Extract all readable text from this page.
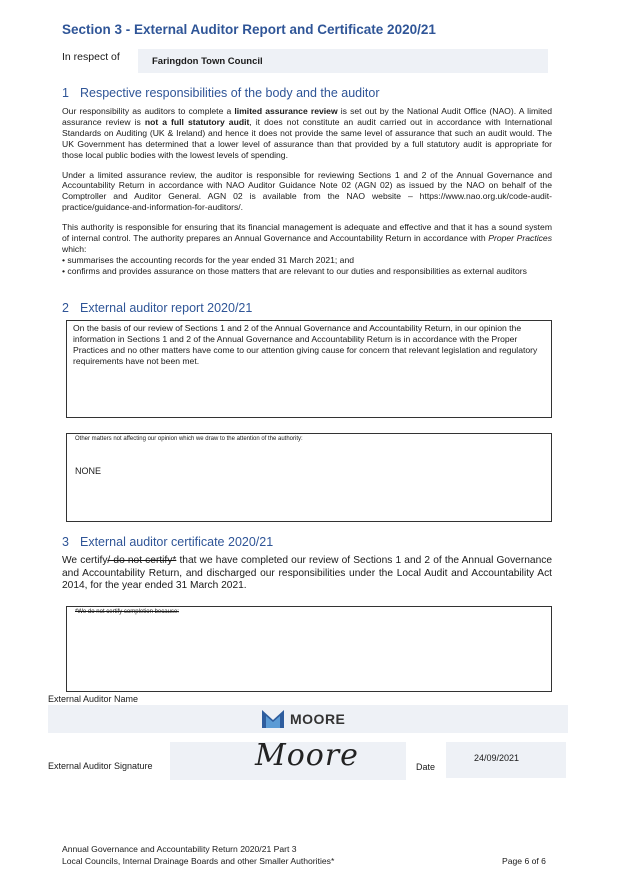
Section 3 - External Auditor Report and Certificate 2020/21
In respect of	Faringdon Town Council
1 Respective responsibilities of the body and the auditor

Our responsibility as auditors to complete a limited assurance review is set out by the National Audit Office (NAO). A limited assurance review is not a full statutory audit, it does not constitute an audit carried out in accordance with International Standards on Auditing (UK & Ireland) and hence it does not provide the same level of assurance that such an audit would. The UK Government has determined that a lower level of assurance than that provided by a full statutory audit is appropriate for those local public bodies with the lowest levels of spending.

Under a limited assurance review, the auditor is responsible for reviewing Sections 1 and 2 of the Annual Governance and Accountability Return in accordance with NAO Auditor Guidance Note 02 (AGN 02) as issued by the NAO on behalf of the Comptroller and Auditor General. AGN 02 is available from the NAO website – https://www.nao.org.uk/code-audit-practice/guidance-and-information-for-auditors/.

This authority is responsible for ensuring that its financial management is adequate and effective and that it has a sound system of internal control. The authority prepares an Annual Governance and Accountability Return in accordance with Proper Practices which:

• summarises the accounting records for the year ended 31 March 2021; and

• confirms and provides assurance on those matters that are relevant to our duties and responsibilities as external auditors

2 External auditor report 2020/21
On the basis of our review of Sections 1 and 2 of the Annual Governance and Accountability Return, in our opinion the information in Sections 1 and 2 of the Annual Governance and Accountability Return is in accordance with the Proper Practices and no other matters have come to our attention giving cause for concern that relevant legislation and regulatory requirements have not been met.
Other matters not affecting our opinion which we draw to the attention of the authority:
NONE
3 External auditor certificate 2020/21
We certify/ do not certify* that we have completed our review of Sections 1 and 2 of the Annual Governance and Accountability Return, and discharged our responsibilities under the Local Audit and Accountability Act 2014, for the year ended 31 March 2021.
*We do not certify completion because:
External Auditor Name
MOORE
External Auditor Signature	Moore	Date
24/09/2021
Annual Governance and Accountability Return 2020/21 Part 3
Local Councils, Internal Drainage Boards and other Smaller Authorities*	Page 6 of 6
